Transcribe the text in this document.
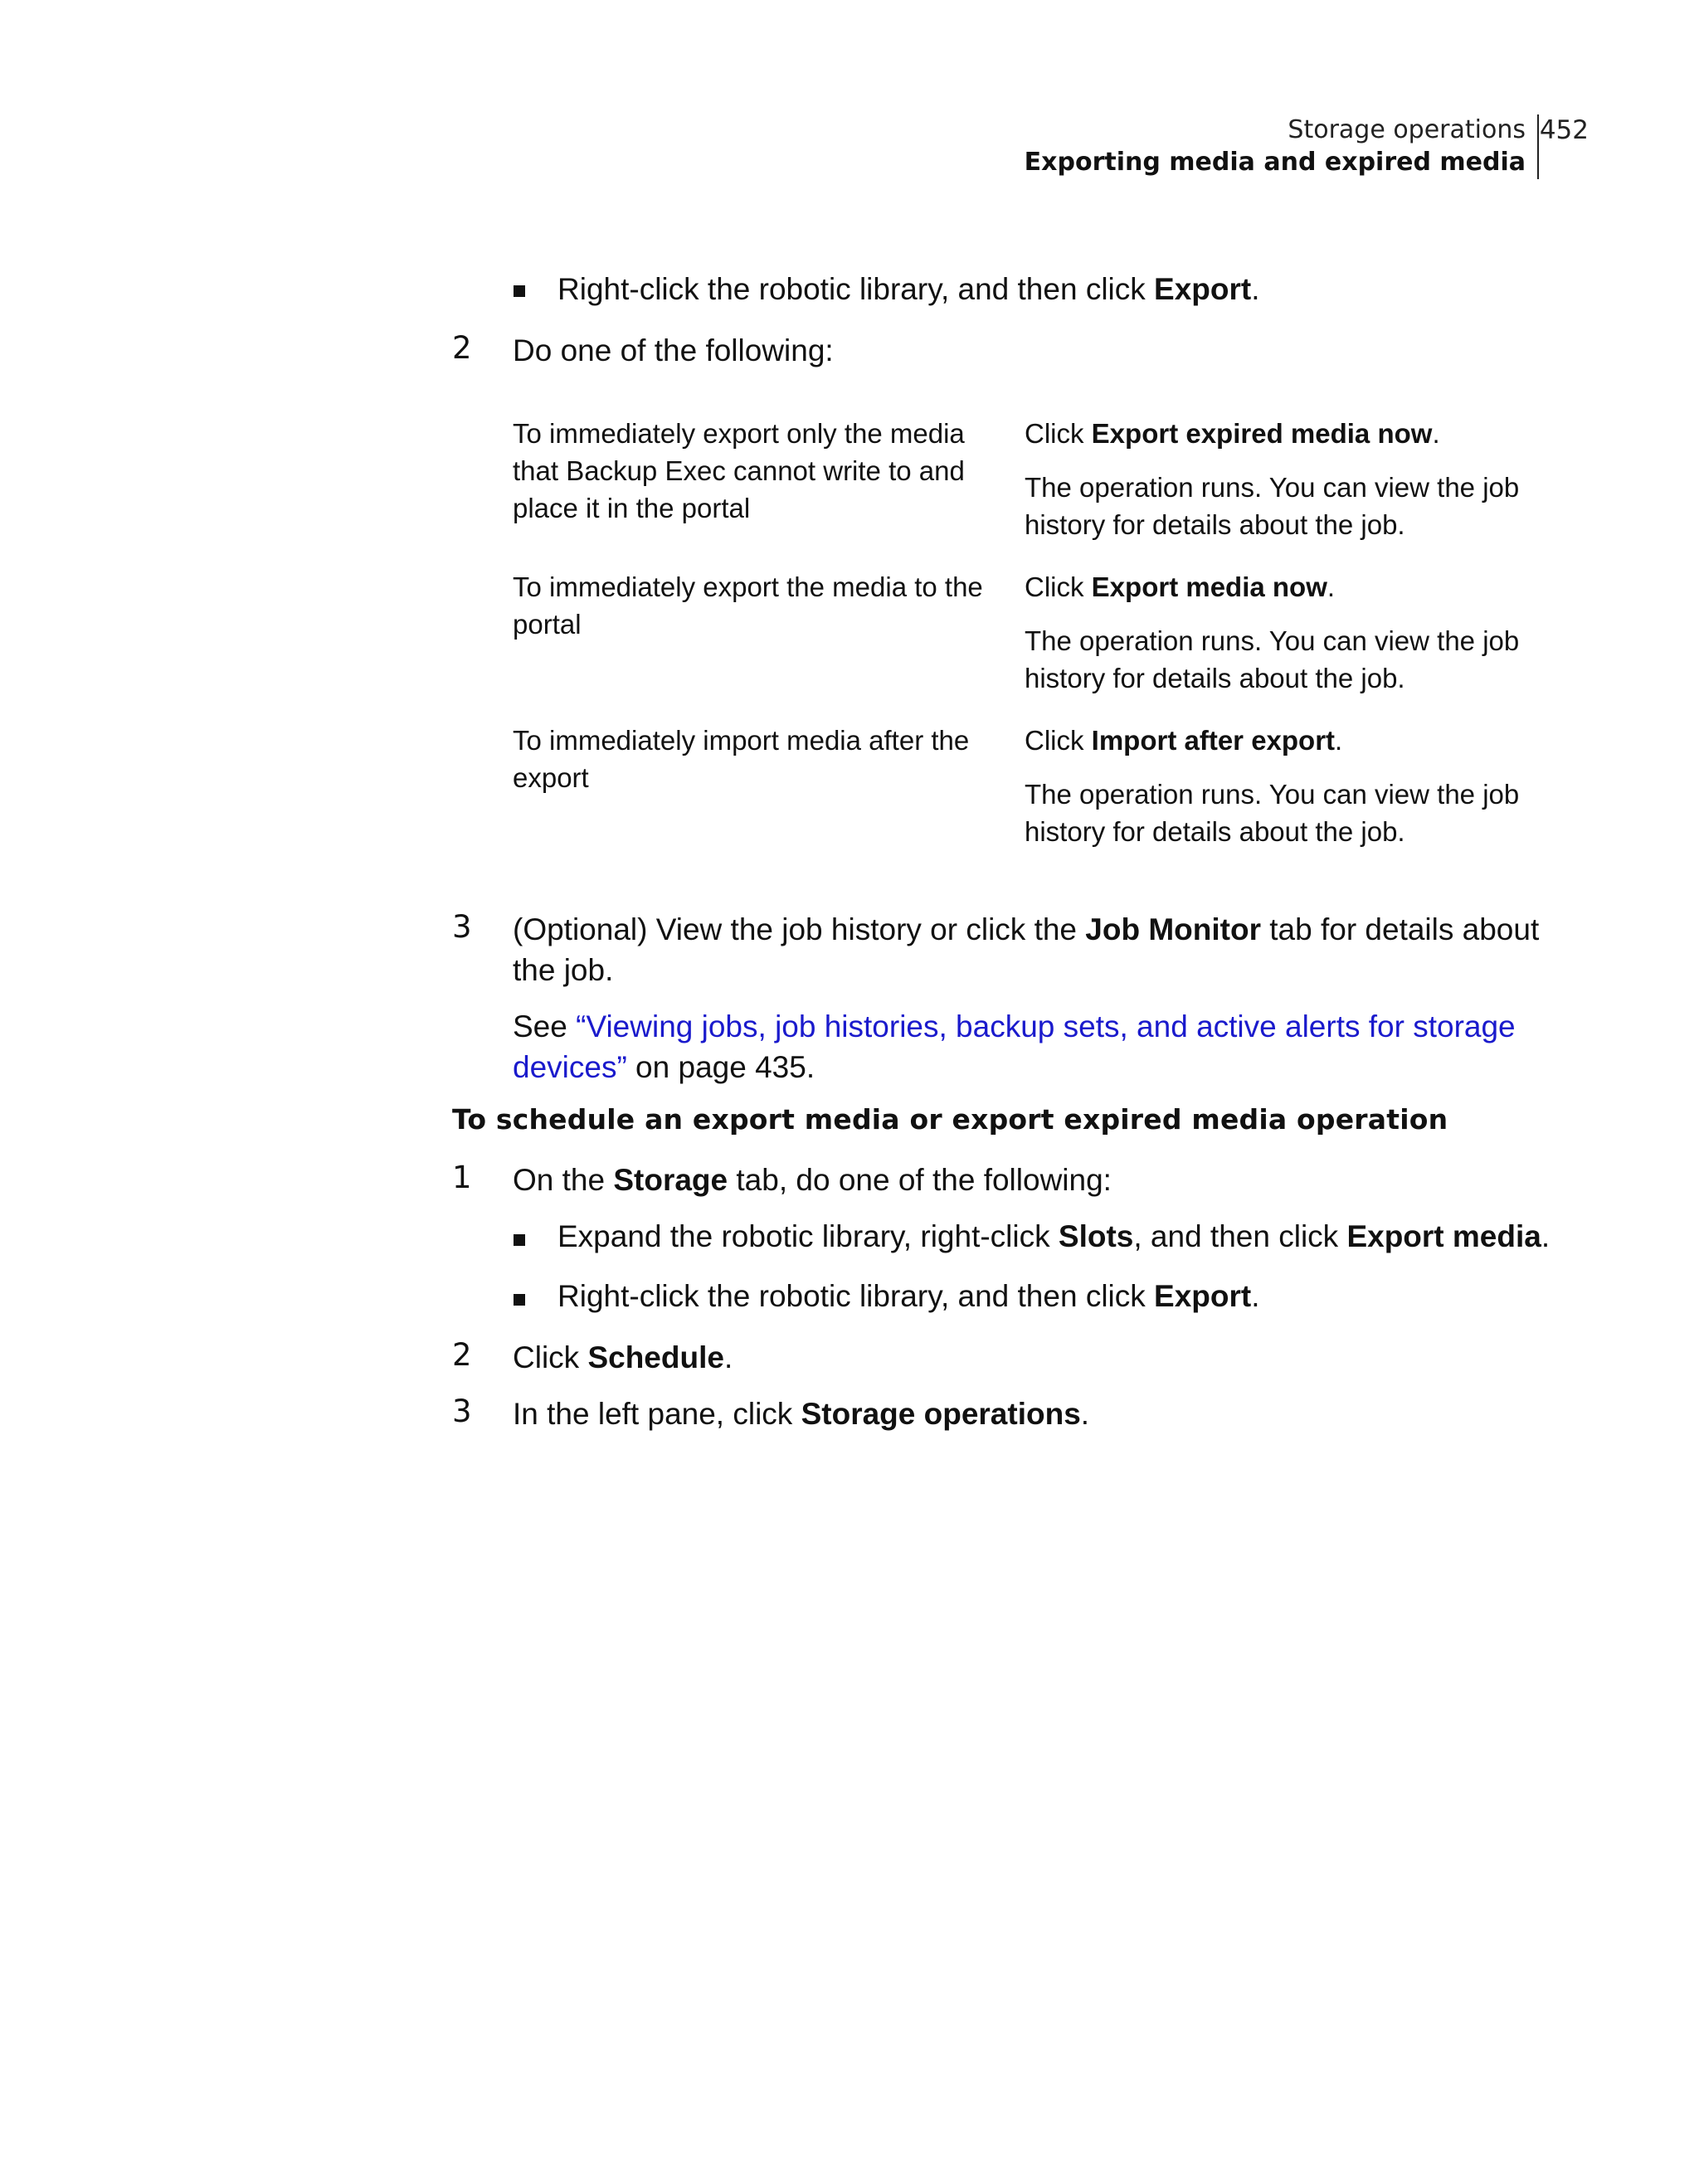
Storage operations
Exporting media and expired media
452
Right-click the robotic library, and then click Export.
2 Do one of the following:
To immediately export only the media that Backup Exec cannot write to and place it in the portal
Click Export expired media now.
The operation runs. You can view the job history for details about the job.
To immediately export the media to the portal
Click Export media now.
The operation runs. You can view the job history for details about the job.
To immediately import media after the export
Click Import after export.
The operation runs. You can view the job history for details about the job.
3 (Optional) View the job history or click the Job Monitor tab for details about the job.
See “Viewing jobs, job histories, backup sets, and active alerts for storage devices” on page 435.
To schedule an export media or export expired media operation
1 On the Storage tab, do one of the following:
Expand the robotic library, right-click Slots, and then click Export media.
Right-click the robotic library, and then click Export.
2 Click Schedule.
3 In the left pane, click Storage operations.
